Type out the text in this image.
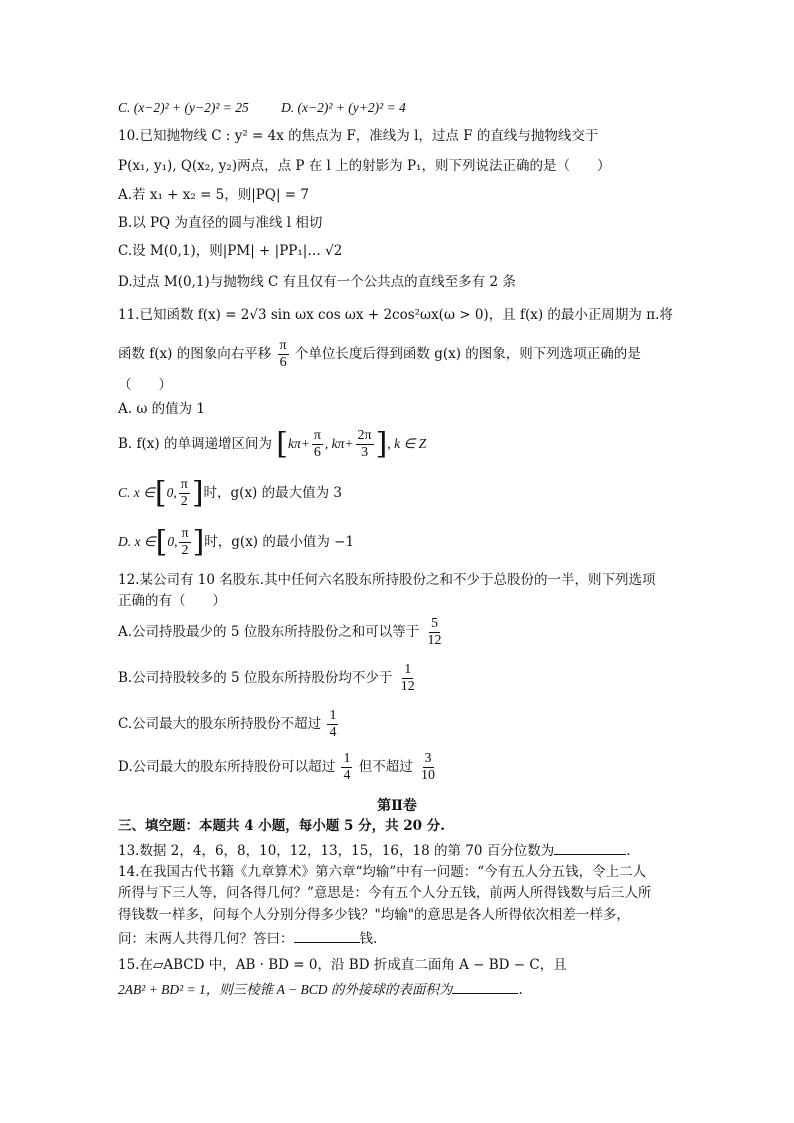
C. (x−2)² + (y−2)² = 25 D. (x−2)² + (y+2)² = 4
10.已知抛物线 C : y² = 4x 的焦点为 F，准线为 l，过点 F 的直线与抛物线交于
P(x₁, y₁), Q(x₂, y₂)两点，点 P 在 l 上的射影为 P₁，则下列说法正确的是（　　）
A.若 x₁ + x₂ = 5，则|PQ| = 7
B.以 PQ 为直径的圆与准线 l 相切
C.设 M(0,1)，则|PM| + |PP₁|… √2
D.过点 M(0,1)与抛物线 C 有且仅有一个公共点的直线至多有 2 条
11.已知函数 f(x) = 2√3 sin ωx cos ωx + 2cos²ωx(ω > 0)，且 f(x) 的最小正周期为 π.将
函数 f(x) 的图象向右平移 $\frac{\pi}{6}$ 个单位长度后得到函数 g(x) 的图象，则下列选项正确的是
（　　）
A. ω 的值为 1
B. f(x) 的单调递增区间为 [$k\pi+ \frac{\pi}{6}$ , $k\pi+ \frac{2\pi}{3}$ ], k ∈ Z
C. x ∈[0, $\frac{\pi}{2}$ ]时，g(x) 的最大值为 3
D. x ∈[0, $\frac{\pi}{2}$ ]时，g(x) 的最小值为 −1
12.某公司有 10 名股东.其中任何六名股东所持股份之和不少于总股份的一半，则下列选项
正确的有（　　）
A.公司持股最少的 5 位股东所持股份之和可以等于 $\frac{5}{12}$
B.公司持股较多的 5 位股东所持股份均不少于 $\frac{1}{12}$
C.公司最大的股东所持股份不超过 $\frac{1}{4}$
D.公司最大的股东所持股份可以超过 $\frac{1}{4}$ 但不超过 $\frac{3}{10}$
第Ⅱ卷
三、填空题：本题共 4 小题，每小题 5 分，共 20 分.
13.数据 2，4，6，8，10，12，13，15，16，18 的第 70 百分位数为	.
14.在我国古代书籍《九章算术》第六章“均输”中有一问题：“今有五人分五钱，令上二人
所得与下三人等，问各得几何？”意思是：今有五个人分五钱，前两人所得钱数与后三人所
得钱数一样多，问每个人分别分得多少钱？"均输"的意思是各人所得依次相差一样多，
问：末两人共得几何？答曰：	钱.
15.在▱ABCD 中，AB · BD = 0，沿 BD 折成直二面角 A − BD − C，且
2AB² + BD² = 1，则三棱锥 A − BCD 的外接球的表面积为	.
